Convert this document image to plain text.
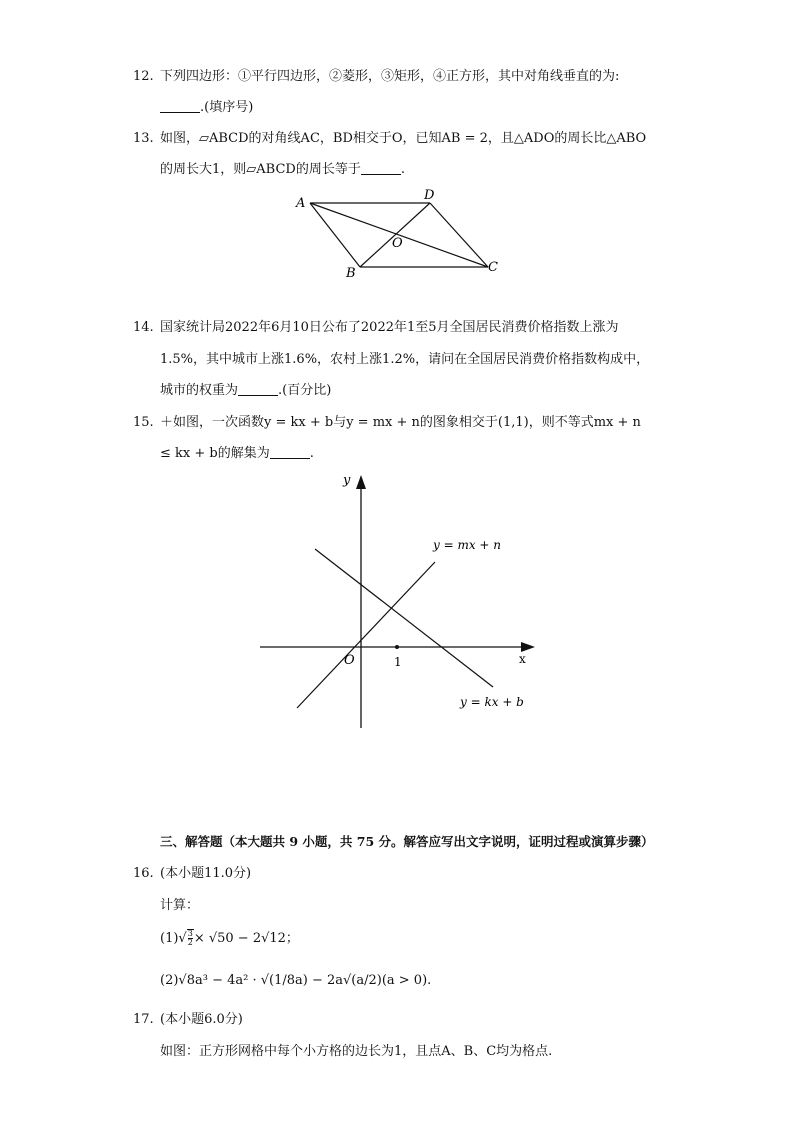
12. 下列四边形：①平行四边形，②菱形，③矩形，④正方形，其中对角线垂直的为:
.(填序号)
13. 如图，▱ABCD的对角线AC，BD相交于O，已知AB = 2，且△ADO的周长比△ABO
的周长大1，则▱ABCD的周长等于	.
A
D
O
B	C
14. 国家统计局2022年6月10日公布了2022年1至5月全国居民消费价格指数上涨为
1.5%，其中城市上涨1.6%，农村上涨1.2%，请问在全国居民消费价格指数构成中，
城市的权重为	.(百分比)
15. ＋如图，一次函数y = kx + b与y = mx + n的图象相交于(1,1)，则不等式mx + n
≤ kx + b的解集为	.
y
x
O	1
y = mx + n
y = kx + b
三、解答题（本大题共 9 小题，共 75 分。解答应写出文字说明，证明过程或演算步骤）
16. (本小题11.0分)
计算：
$(1)√ \frac{3}{2} \times √50 - 2√12$；
(2)√8a³ − 4a² · √(1/8a) − 2a√(a/2)(a > 0).
17. (本小题6.0分)
如图：正方形网格中每个小方格的边长为1，且点A、B、C均为格点.
